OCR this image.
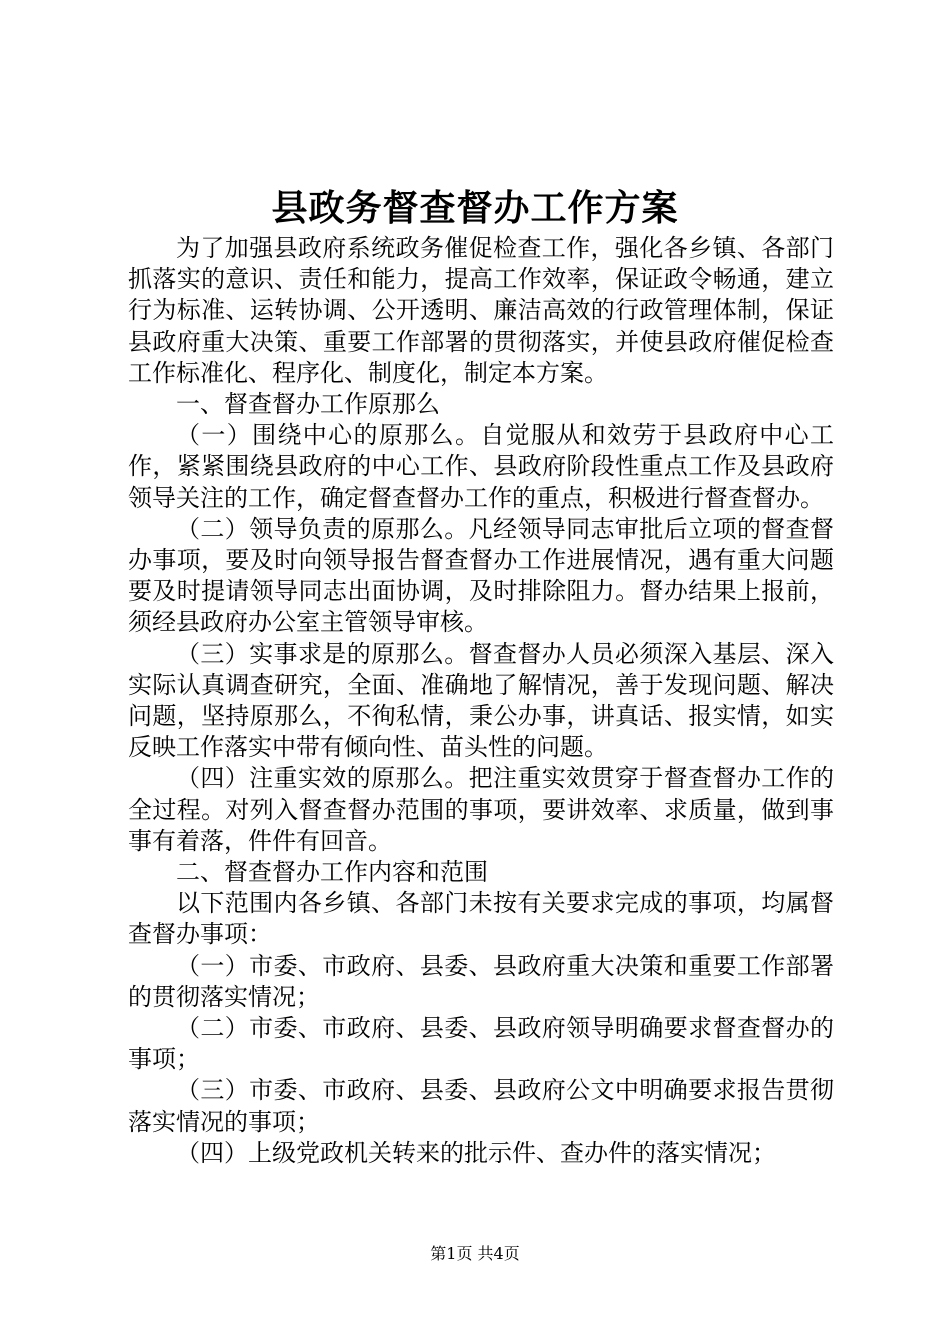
县政务督查督办工作方案

为了加强县政府系统政务催促检查工作，强化各乡镇、各部门抓落实的意识、责任和能力，提高工作效率，保证政令畅通，建立行为标准、运转协调、公开透明、廉洁高效的行政管理体制，保证县政府重大决策、重要工作部署的贯彻落实，并使县政府催促检查工作标准化、程序化、制度化，制定本方案。

一、督查督办工作原那么

（一）围绕中心的原那么。自觉服从和效劳于县政府中心工作，紧紧围绕县政府的中心工作、县政府阶段性重点工作及县政府领导关注的工作，确定督查督办工作的重点，积极进行督查督办。

（二）领导负责的原那么。凡经领导同志审批后立项的督查督办事项，要及时向领导报告督查督办工作进展情况，遇有重大问题要及时提请领导同志出面协调，及时排除阻力。督办结果上报前，须经县政府办公室主管领导审核。

（三）实事求是的原那么。督查督办人员必须深入基层、深入实际认真调查研究，全面、准确地了解情况，善于发现问题、解决问题，坚持原那么，不徇私情，秉公办事，讲真话、报实情，如实反映工作落实中带有倾向性、苗头性的问题。

（四）注重实效的原那么。把注重实效贯穿于督查督办工作的全过程。对列入督查督办范围的事项，要讲效率、求质量，做到事事有着落，件件有回音。

二、督查督办工作内容和范围

以下范围内各乡镇、各部门未按有关要求完成的事项，均属督查督办事项：

（一）市委、市政府、县委、县政府重大决策和重要工作部署的贯彻落实情况；

（二）市委、市政府、县委、县政府领导明确要求督查督办的事项；

（三）市委、市政府、县委、县政府公文中明确要求报告贯彻落实情况的事项；

（四）上级党政机关转来的批示件、查办件的落实情况；

第1页 共4页
